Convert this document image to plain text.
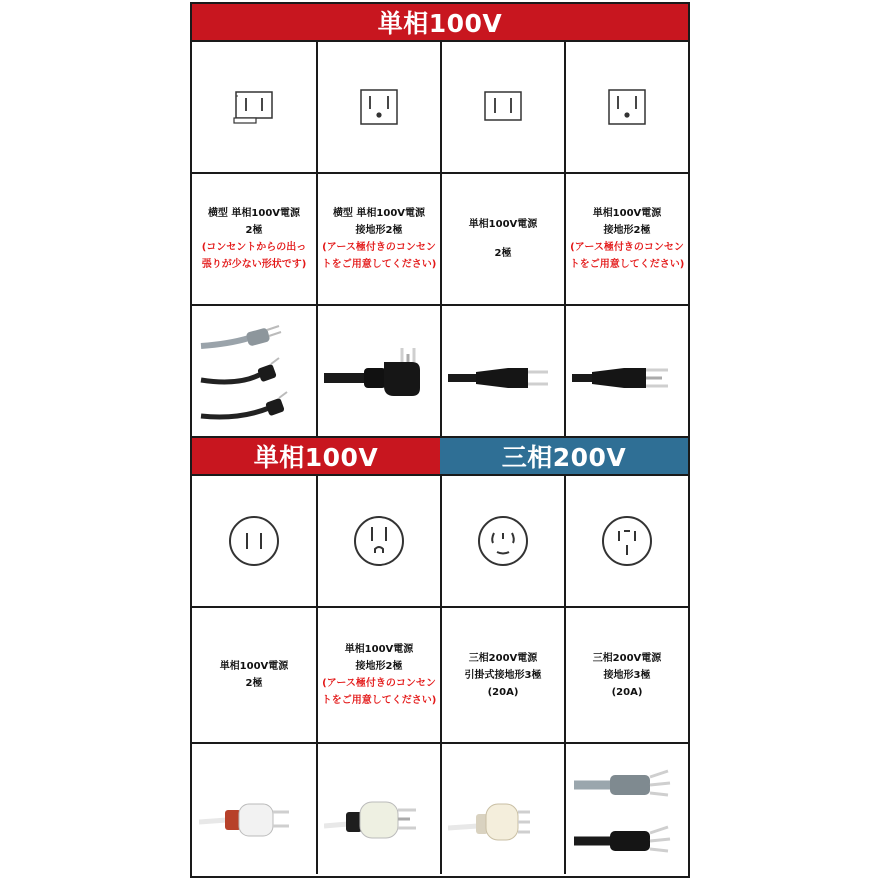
単相100V
横型 単相100V電源
2極
(コンセントからの出っ
張りが少ない形状です)
横型 単相100V電源
接地形2極
(アース極付きのコンセン
トをご用意してください)
単相100V電源
2極
単相100V電源
接地形2極
(アース極付きのコンセン
トをご用意してください)
単相100V	三相200V
単相100V電源
2極
単相100V電源
接地形2極
(アース極付きのコンセン
トをご用意してください)
三相200V電源
引掛式接地形3極
(20A)
三相200V電源
接地形3極
(20A)
